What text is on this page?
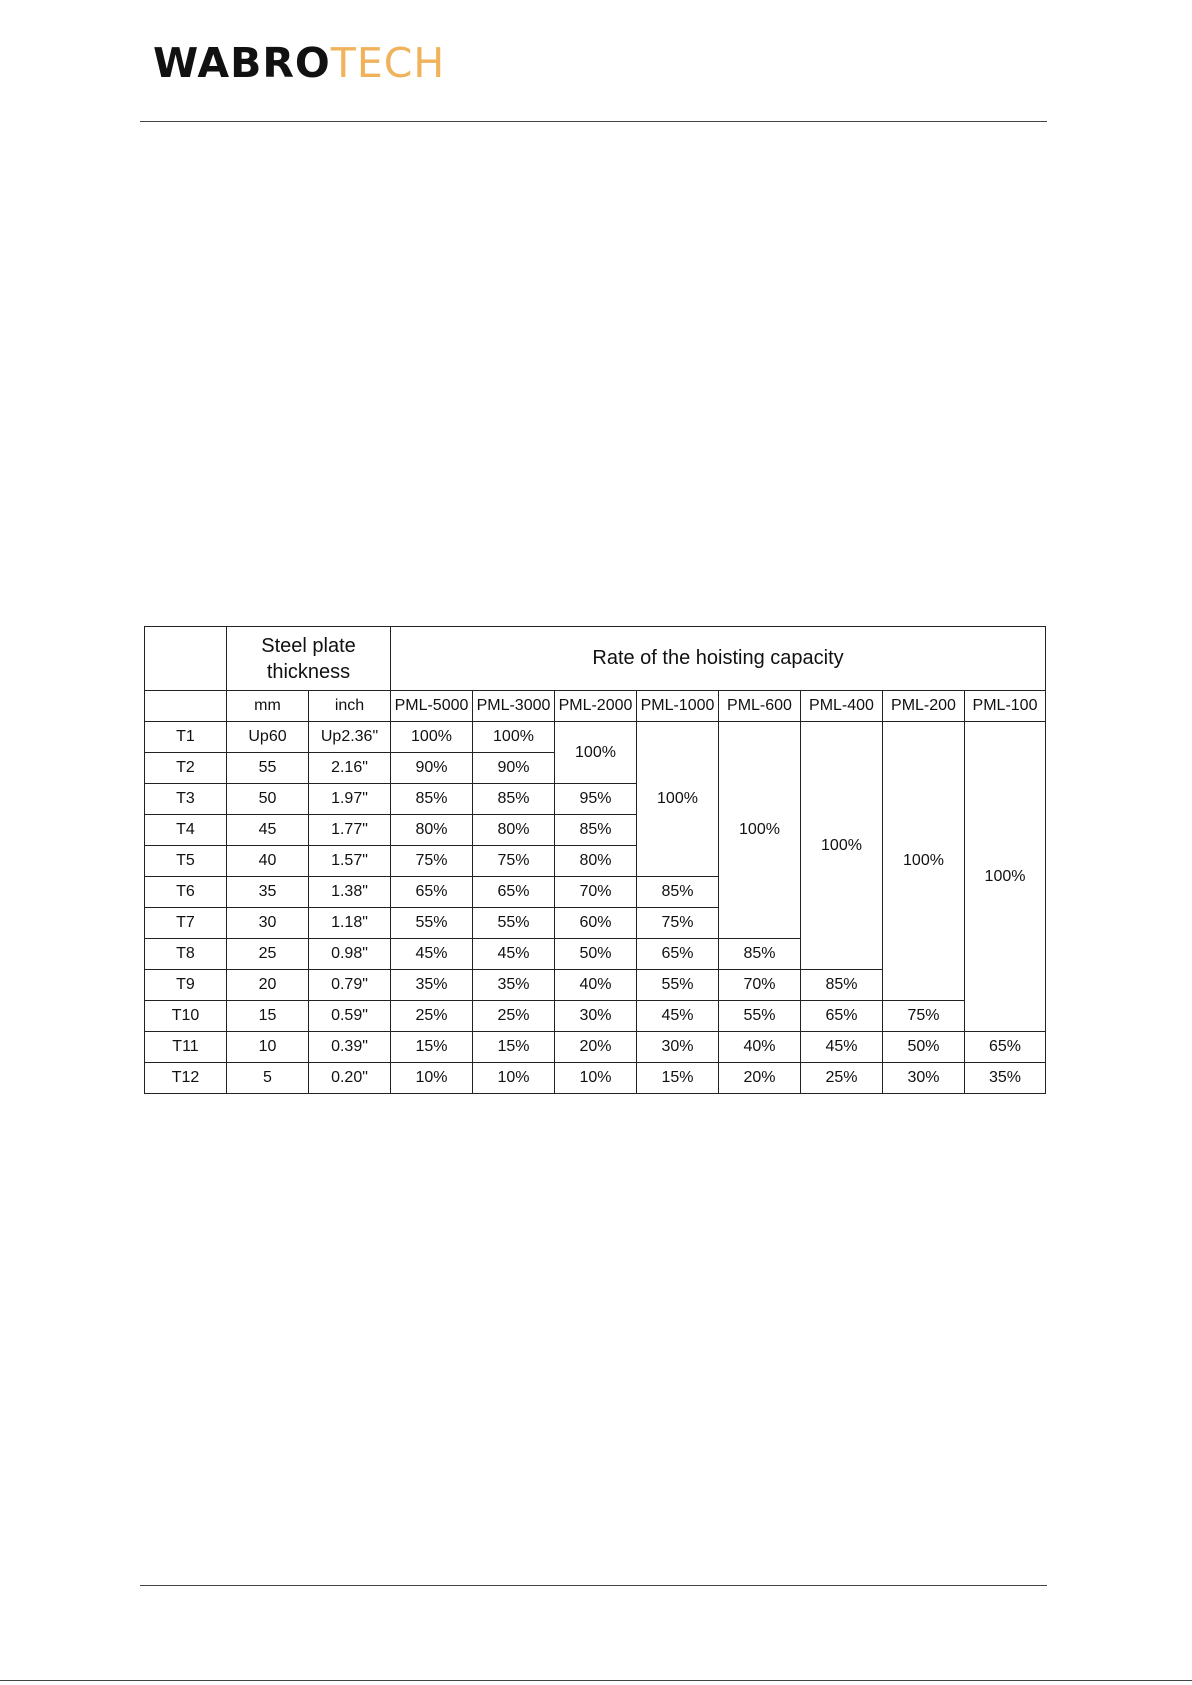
WABROTECH
	Steel plate thickness		Rate of the hoisting capacity							
	mm	inch	PML-5000	PML-3000	PML-2000	PML-1000	PML-600	PML-400	PML-200	PML-100
T1	Up60	Up2.36"	100%	100%	100%	100%	100%	100%	100%	100%
T2	55	2.16"	90%	90%						
T3	50	1.97"	85%	85%	95%					
T4	45	1.77"	80%	80%	85%					
T5	40	1.57"	75%	75%	80%					
T6	35	1.38"	65%	65%	70%	85%				
T7	30	1.18"	55%	55%	60%	75%				
T8	25	0.98"	45%	45%	50%	65%	85%			
T9	20	0.79"	35%	35%	40%	55%	70%	85%		
T10	15	0.59"	25%	25%	30%	45%	55%	65%	75%	
T11	10	0.39"	15%	15%	20%	30%	40%	45%	50%	65%
T12	5	0.20"	10%	10%	10%	15%	20%	25%	30%	35%
